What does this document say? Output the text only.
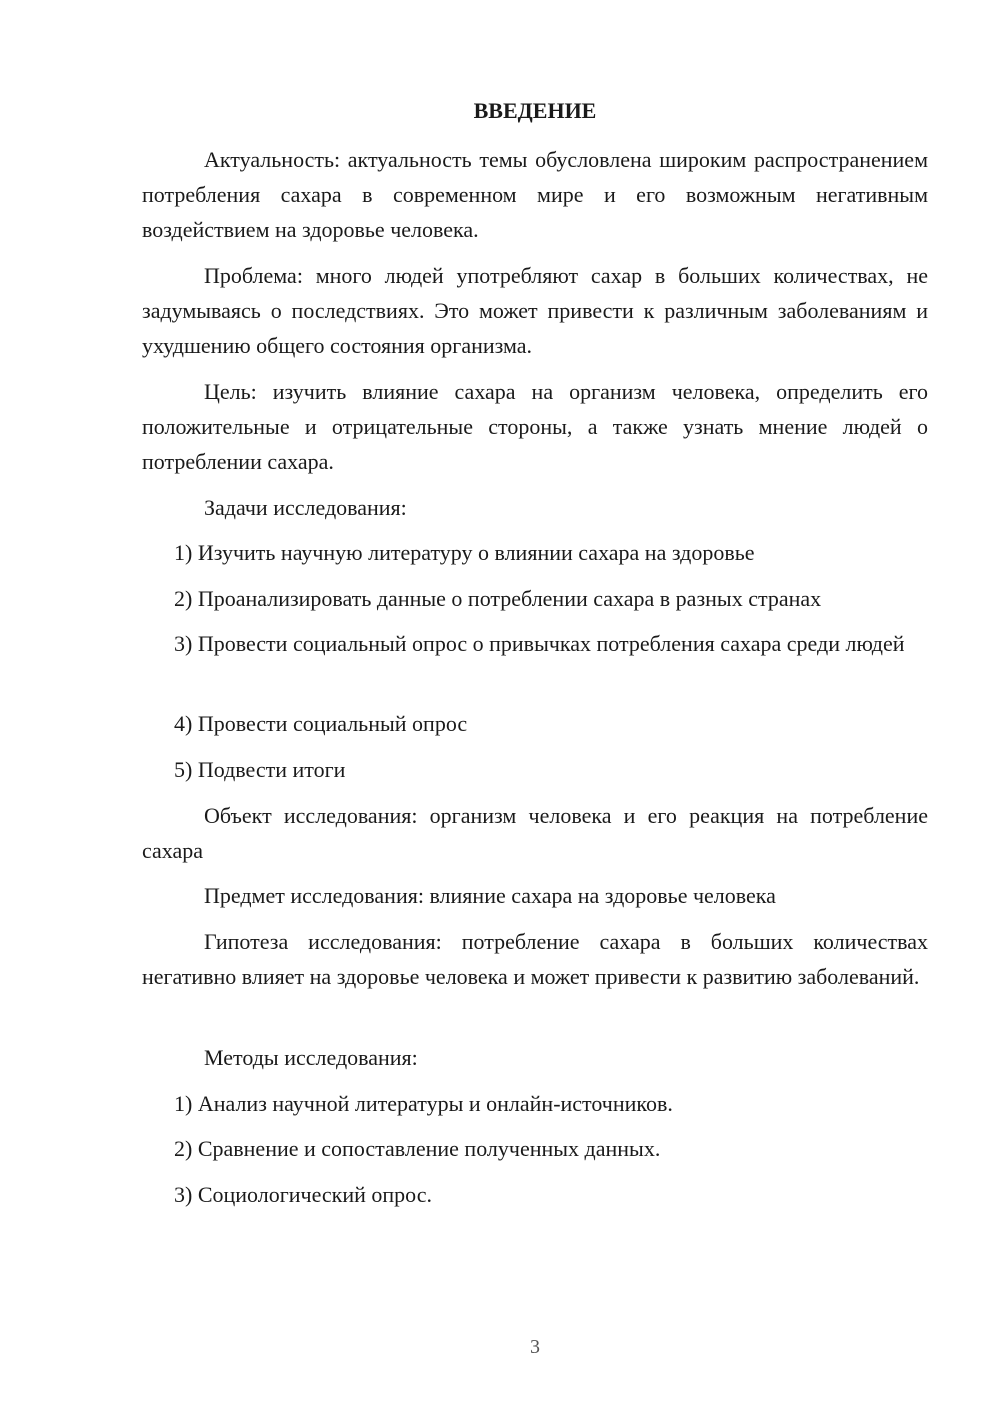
ВВЕДЕНИЕ

Актуальность: актуальность темы обусловлена широким распространением потребления сахара в современном мире и его возможным негативным воздействием на здоровье человека.

Проблема: много людей употребляют сахар в больших количествах, не задумываясь о последствиях. Это может привести к различным заболеваниям и ухудшению общего состояния организма.

Цель: изучить влияние сахара на организм человека, определить его положительные и отрицательные стороны, а также узнать мнение людей о потреблении сахара.

Задачи исследования:

1) Изучить научную литературу о влиянии сахара на здоровье

2) Проанализировать данные о потреблении сахара в разных странах

3) Провести социальный опрос о привычках потребления сахара среди людей

4) Провести социальный опрос

5) Подвести итоги

Объект исследования: организм человека и его реакция на потребление сахара

Предмет исследования: влияние сахара на здоровье человека

Гипотеза исследования: потребление сахара в больших количествах негативно влияет на здоровье человека и может привести к развитию заболеваний.

Методы исследования:

1) Анализ научной литературы и онлайн-источников.

2) Сравнение и сопоставление полученных данных.

3) Социологический опрос.

3
